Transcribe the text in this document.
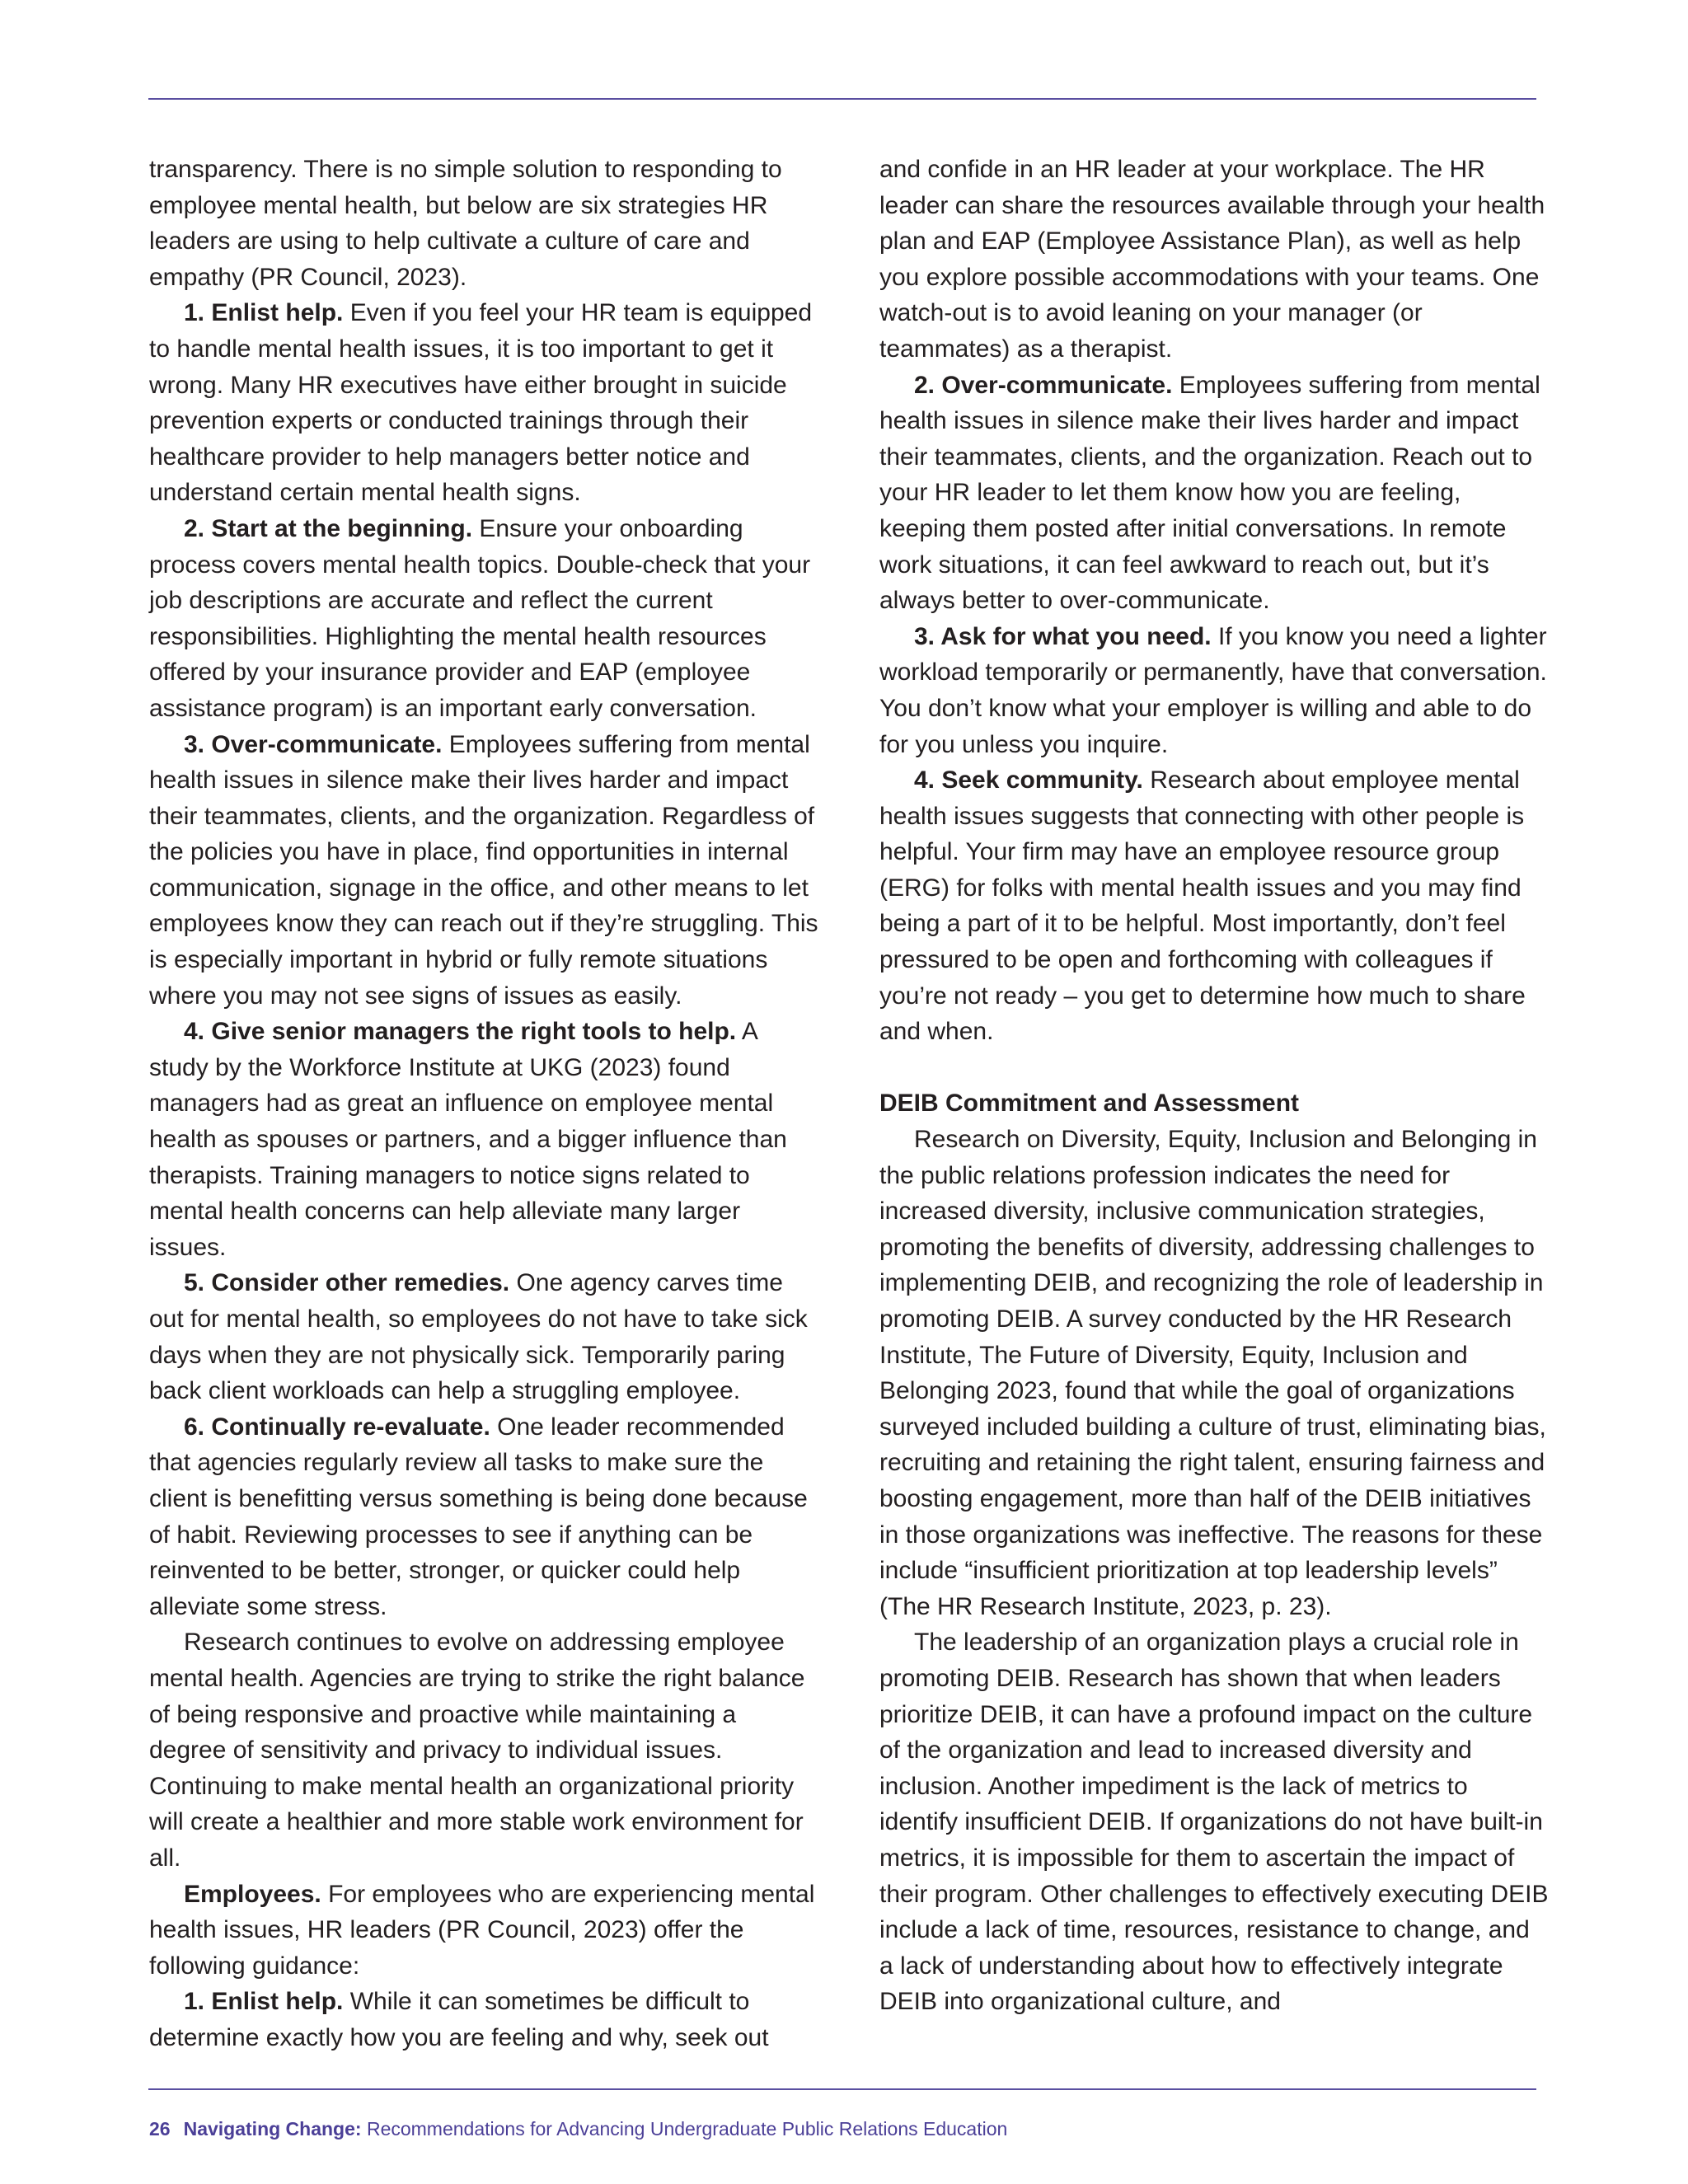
transparency. There is no simple solution to responding to employee mental health, but below are six strategies HR leaders are using to help cultivate a culture of care and empathy (PR Council, 2023).

1. Enlist help. Even if you feel your HR team is equipped to handle mental health issues, it is too important to get it wrong. Many HR executives have either brought in suicide prevention experts or conducted trainings through their healthcare provider to help managers better notice and understand certain mental health signs.

2. Start at the beginning. Ensure your onboarding process covers mental health topics. Double-check that your job descriptions are accurate and reflect the current responsibilities. Highlighting the mental health resources offered by your insurance provider and EAP (employee assistance program) is an important early conversation.

3. Over-communicate. Employees suffering from mental health issues in silence make their lives harder and impact their teammates, clients, and the organization. Regardless of the policies you have in place, find opportunities in internal communication, signage in the office, and other means to let employees know they can reach out if they’re struggling. This is especially important in hybrid or fully remote situations where you may not see signs of issues as easily.

4. Give senior managers the right tools to help. A study by the Workforce Institute at UKG (2023) found managers had as great an influence on employee mental health as spouses or partners, and a bigger influence than therapists. Training managers to notice signs related to mental health concerns can help alleviate many larger issues.

5. Consider other remedies. One agency carves time out for mental health, so employees do not have to take sick days when they are not physically sick. Temporarily paring back client workloads can help a struggling employee.

6. Continually re-evaluate. One leader recommended that agencies regularly review all tasks to make sure the client is benefitting versus something is being done because of habit. Reviewing processes to see if anything can be reinvented to be better, stronger, or quicker could help alleviate some stress.

Research continues to evolve on addressing employee mental health. Agencies are trying to strike the right balance of being responsive and proactive while maintaining a degree of sensitivity and privacy to individual issues. Continuing to make mental health an organizational priority will create a healthier and more stable work environment for all.

Employees. For employees who are experiencing mental health issues, HR leaders (PR Council, 2023) offer the following guidance:

1. Enlist help. While it can sometimes be difficult to determine exactly how you are feeling and why, seek out

and confide in an HR leader at your workplace. The HR leader can share the resources available through your health plan and EAP (Employee Assistance Plan), as well as help you explore possible accommodations with your teams. One watch-out is to avoid leaning on your manager (or teammates) as a therapist.

2. Over-communicate. Employees suffering from mental health issues in silence make their lives harder and impact their teammates, clients, and the organization. Reach out to your HR leader to let them know how you are feeling, keeping them posted after initial conversations. In remote work situations, it can feel awkward to reach out, but it’s always better to over-communicate.

3. Ask for what you need. If you know you need a lighter workload temporarily or permanently, have that conversation. You don’t know what your employer is willing and able to do for you unless you inquire.

4. Seek community. Research about employee mental health issues suggests that connecting with other people is helpful. Your firm may have an employee resource group (ERG) for folks with mental health issues and you may find being a part of it to be helpful. Most importantly, don’t feel pressured to be open and forthcoming with colleagues if you’re not ready – you get to determine how much to share and when.

DEIB Commitment and Assessment

Research on Diversity, Equity, Inclusion and Belonging in the public relations profession indicates the need for increased diversity, inclusive communication strategies, promoting the benefits of diversity, addressing challenges to implementing DEIB, and recognizing the role of leadership in promoting DEIB. A survey conducted by the HR Research Institute, The Future of Diversity, Equity, Inclusion and Belonging 2023, found that while the goal of organizations surveyed included building a culture of trust, eliminating bias, recruiting and retaining the right talent, ensuring fairness and boosting engagement, more than half of the DEIB initiatives in those organizations was ineffective. The reasons for these include “insufficient prioritization at top leadership levels” (The HR Research Institute, 2023, p. 23).

The leadership of an organization plays a crucial role in promoting DEIB. Research has shown that when leaders prioritize DEIB, it can have a profound impact on the culture of the organization and lead to increased diversity and inclusion. Another impediment is the lack of metrics to identify insufficient DEIB. If organizations do not have built-in metrics, it is impossible for them to ascertain the impact of their program. Other challenges to effectively executing DEIB include a lack of time, resources, resistance to change, and a lack of understanding about how to effectively integrate DEIB into organizational culture, and

26 Navigating Change: Recommendations for Advancing Undergraduate Public Relations Education
